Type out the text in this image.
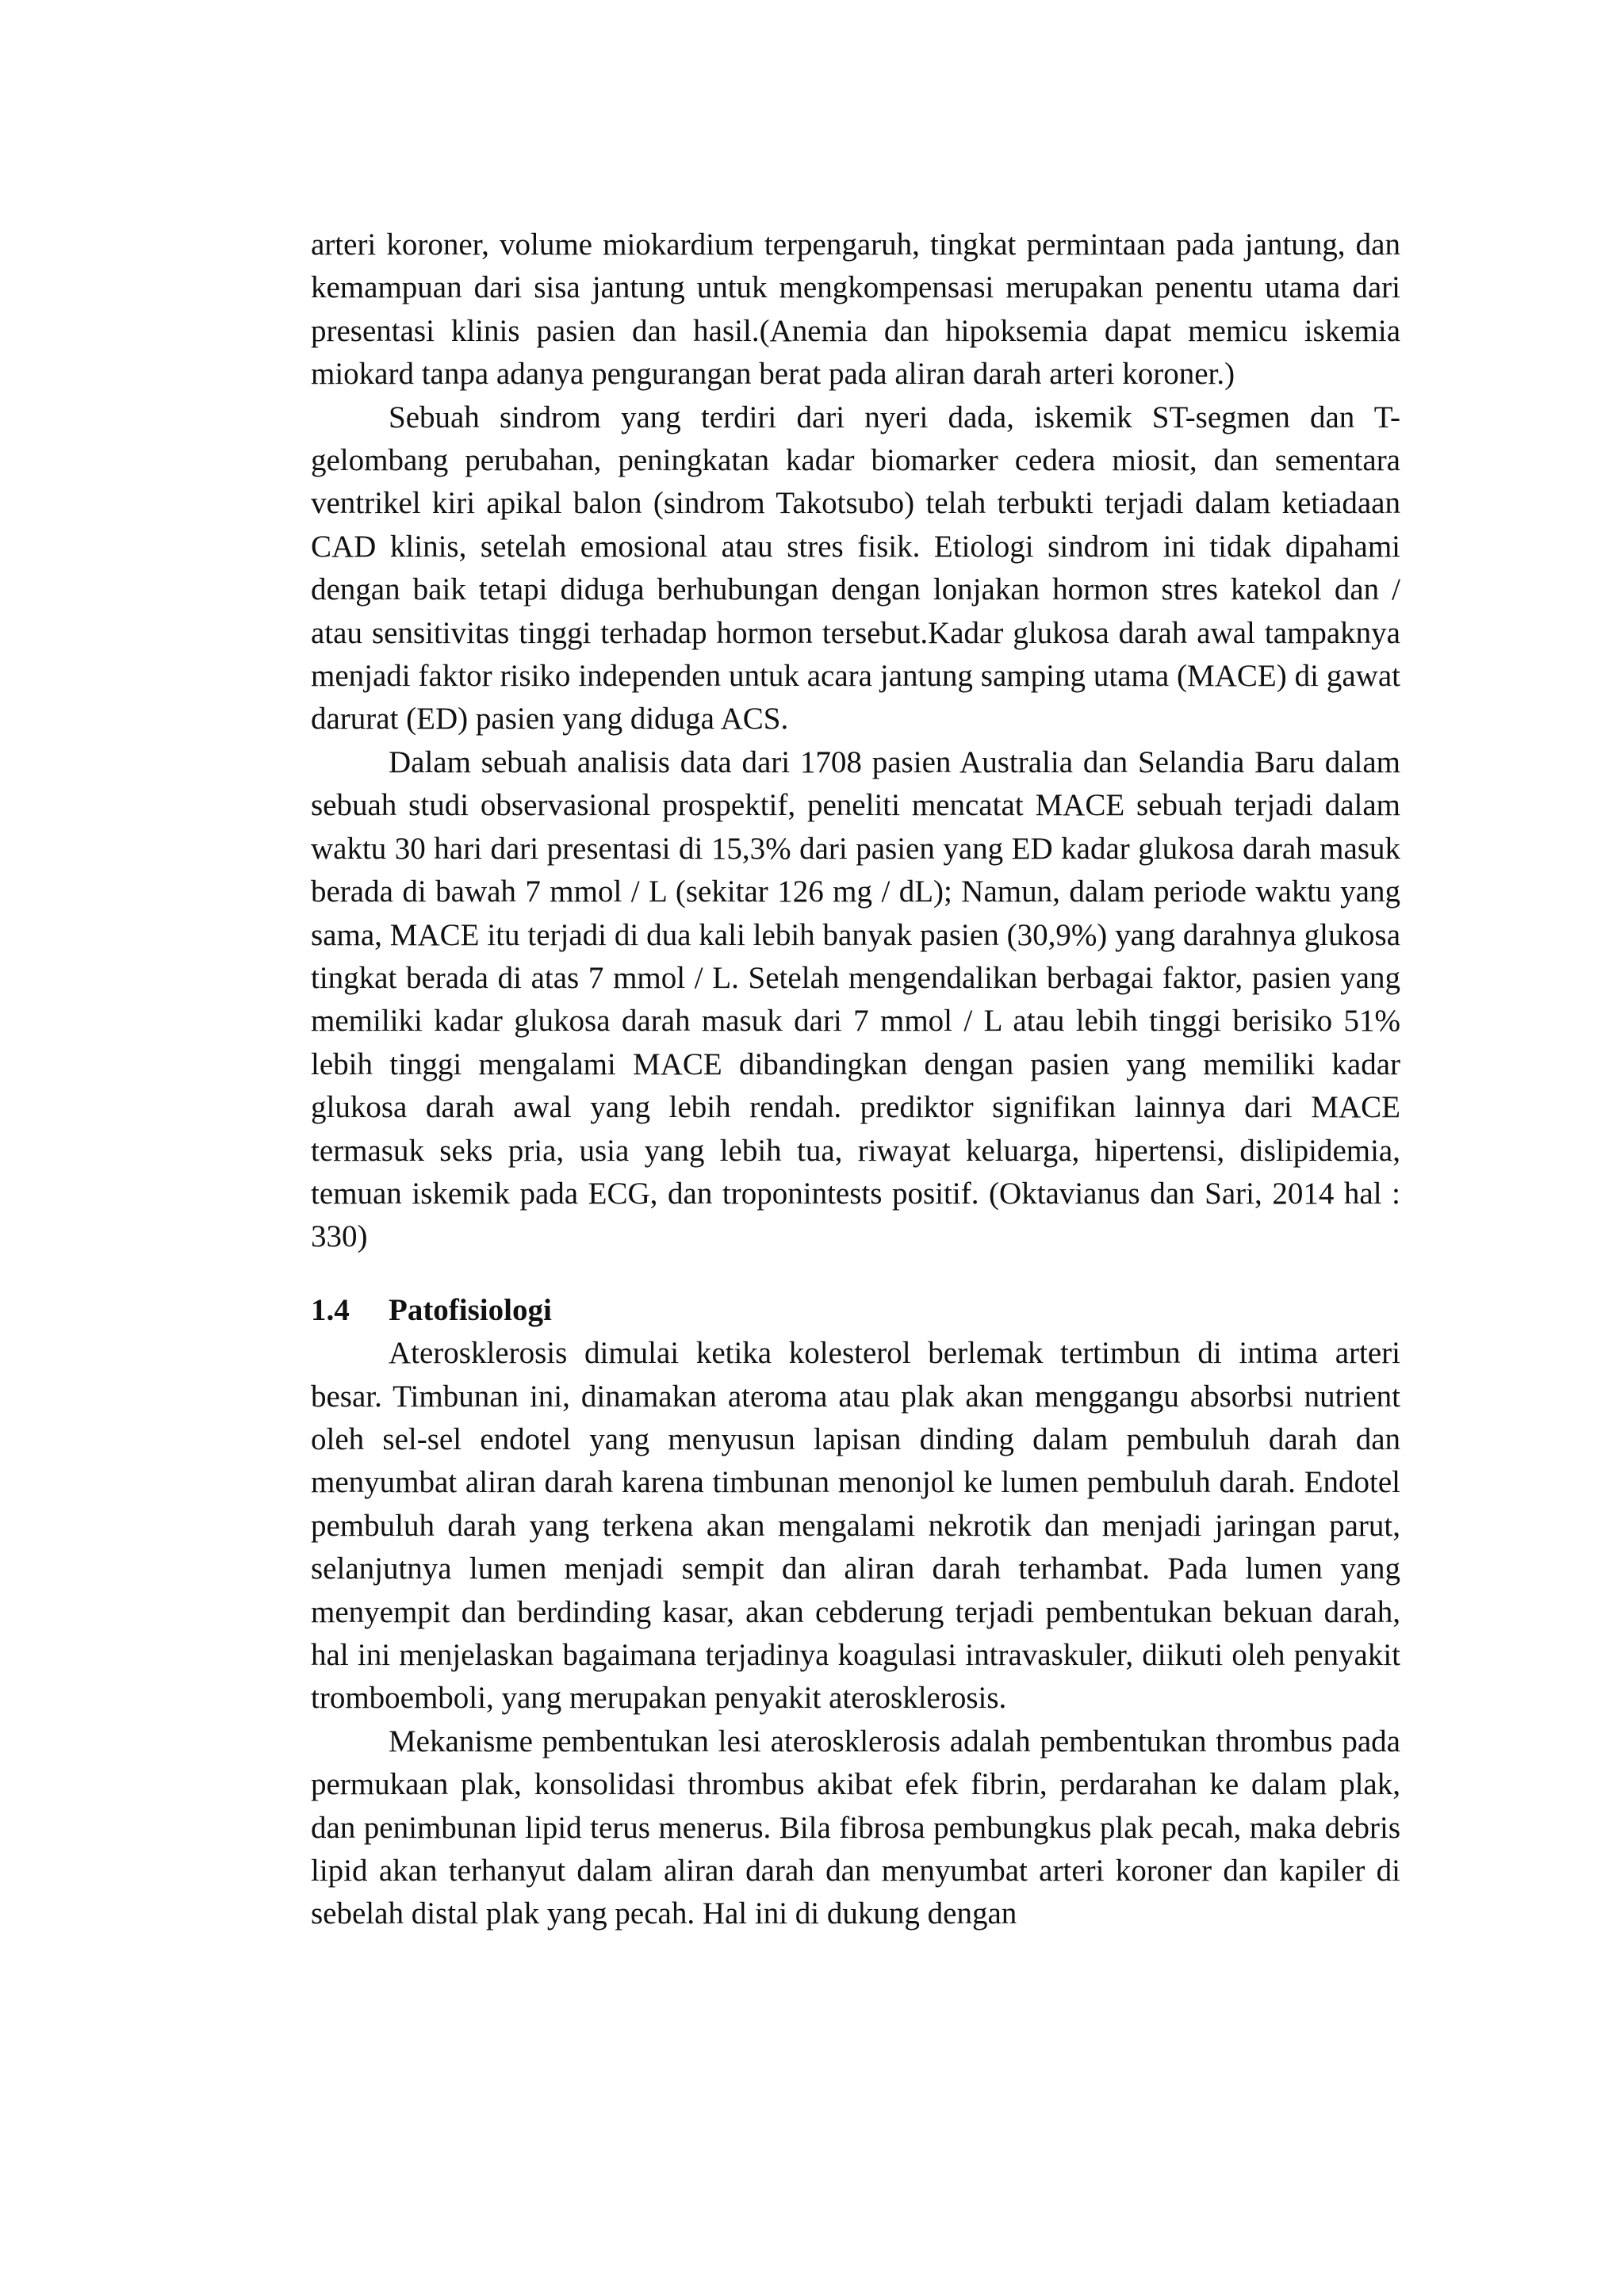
arteri koroner, volume miokardium terpengaruh, tingkat permintaan pada jantung, dan kemampuan dari sisa jantung untuk mengkompensasi merupakan penentu utama dari presentasi klinis pasien dan hasil.(Anemia dan hipoksemia dapat memicu iskemia miokard tanpa adanya pengurangan berat pada aliran darah arteri koroner.)

Sebuah sindrom yang terdiri dari nyeri dada, iskemik ST-segmen dan T-gelombang perubahan, peningkatan kadar biomarker cedera miosit, dan sementara ventrikel kiri apikal balon (sindrom Takotsubo) telah terbukti terjadi dalam ketiadaan CAD klinis, setelah emosional atau stres fisik. Etiologi sindrom ini tidak dipahami dengan baik tetapi diduga berhubungan dengan lonjakan hormon stres katekol dan / atau sensitivitas tinggi terhadap hormon tersebut.Kadar glukosa darah awal tampaknya menjadi faktor risiko independen untuk acara jantung samping utama (MACE) di gawat darurat (ED) pasien yang diduga ACS.

Dalam sebuah analisis data dari 1708 pasien Australia dan Selandia Baru dalam sebuah studi observasional prospektif, peneliti mencatat MACE sebuah terjadi dalam waktu 30 hari dari presentasi di 15,3% dari pasien yang ED kadar glukosa darah masuk berada di bawah 7 mmol / L (sekitar 126 mg / dL); Namun, dalam periode waktu yang sama, MACE itu terjadi di dua kali lebih banyak pasien (30,9%) yang darahnya glukosa tingkat berada di atas 7 mmol / L. Setelah mengendalikan berbagai faktor, pasien yang memiliki kadar glukosa darah masuk dari 7 mmol / L atau lebih tinggi berisiko 51% lebih tinggi mengalami MACE dibandingkan dengan pasien yang memiliki kadar glukosa darah awal yang lebih rendah. prediktor signifikan lainnya dari MACE termasuk seks pria, usia yang lebih tua, riwayat keluarga, hipertensi, dislipidemia, temuan iskemik pada ECG, dan troponintests positif. (Oktavianus dan Sari, 2014 hal : 330)

1.4	Patofisiologi

Aterosklerosis dimulai ketika kolesterol berlemak tertimbun di intima arteri besar. Timbunan ini, dinamakan ateroma atau plak akan menggangu absorbsi nutrient oleh sel-sel endotel yang menyusun lapisan dinding dalam pembuluh darah dan menyumbat aliran darah karena timbunan menonjol ke lumen pembuluh darah. Endotel pembuluh darah yang terkena akan mengalami nekrotik dan menjadi jaringan parut, selanjutnya lumen menjadi sempit dan aliran darah terhambat. Pada lumen yang menyempit dan berdinding kasar, akan cebderung terjadi pembentukan bekuan darah, hal ini menjelaskan bagaimana terjadinya koagulasi intravaskuler, diikuti oleh penyakit tromboemboli, yang merupakan penyakit aterosklerosis.

Mekanisme pembentukan lesi aterosklerosis adalah pembentukan thrombus pada permukaan plak, konsolidasi thrombus akibat efek fibrin, perdarahan ke dalam plak, dan penimbunan lipid terus menerus. Bila fibrosa pembungkus plak pecah, maka debris lipid akan terhanyut dalam aliran darah dan menyumbat arteri koroner dan kapiler di sebelah distal plak yang pecah. Hal ini di dukung dengan
